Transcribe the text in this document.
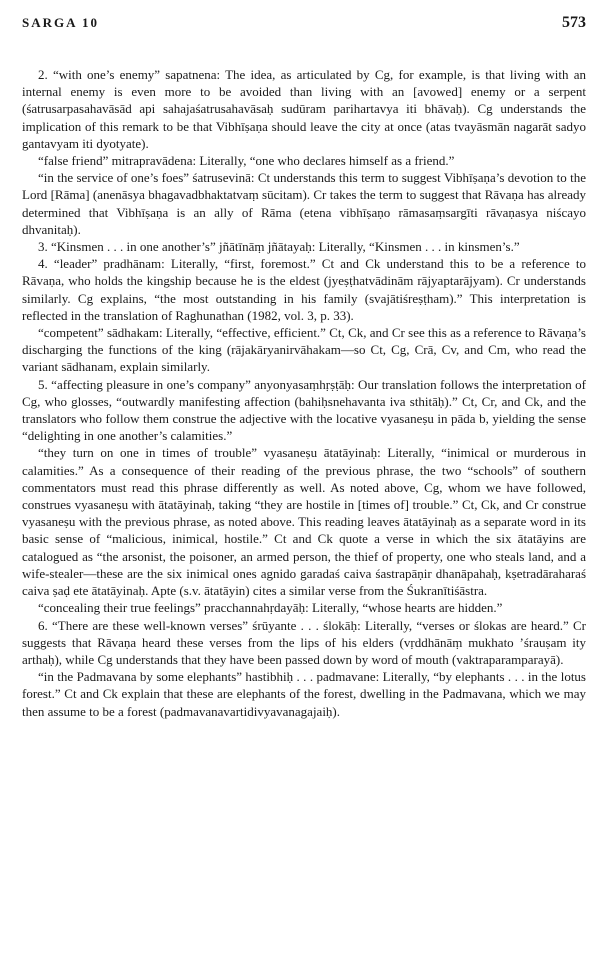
SARGA 10	573

2. “with one’s enemy” sapatnena: The idea, as articulated by Cg, for example, is that living with an internal enemy is even more to be avoided than living with an [avowed] enemy or a serpent (śatrusarpasahavāsād api sahajaśatrusahavāsaḥ sudūram parihartavya iti bhāvaḥ). Cg understands the implication of this remark to be that Vibhīṣaṇa should leave the city at once (atas tvayāsmān nagarāt sadyo gantavyam iti dyotyate).

“false friend” mitrapravādena: Literally, “one who declares himself as a friend.”

“in the service of one’s foes” śatrusevinā: Ct understands this term to suggest Vibhīṣaṇa’s devotion to the Lord [Rāma] (anenāsya bhagavadbhaktatvaṃ sūcitam). Cr takes the term to suggest that Rāvaṇa has already determined that Vibhīṣaṇa is an ally of Rāma (etena vibhīṣaṇo rāmasaṃsargīti rāvaṇasya niścayo dhvanitaḥ).

3. “Kinsmen . . . in one another’s” jñātīnāṃ jñātayaḥ: Literally, “Kinsmen . . . in kinsmen’s.”

4. “leader” pradhānam: Literally, “first, foremost.” Ct and Ck understand this to be a reference to Rāvaṇa, who holds the kingship because he is the eldest (jyeṣṭhatvādinām rājyaptarājyam). Cr understands similarly. Cg explains, “the most outstanding in his family (svajātiśreṣṭham).” This interpretation is reflected in the translation of Raghunathan (1982, vol. 3, p. 33).

“competent” sādhakam: Literally, “effective, efficient.” Ct, Ck, and Cr see this as a reference to Rāvaṇa’s discharging the functions of the king (rājakāryanirvāhakam—so Ct, Cg, Crā, Cv, and Cm, who read the variant sādhanam, explain similarly.

5. “affecting pleasure in one’s company” anyonyasaṃhṛṣṭāḥ: Our translation follows the interpretation of Cg, who glosses, “outwardly manifesting affection (bahiḥsnehavanta iva sthitāḥ).” Ct, Cr, and Ck, and the translators who follow them construe the adjective with the locative vyasaneṣu in pāda b, yielding the sense “delighting in one another’s calamities.”

“they turn on one in times of trouble” vyasaneṣu ātatāyinaḥ: Literally, “inimical or murderous in calamities.” As a consequence of their reading of the previous phrase, the two “schools” of southern commentators must read this phrase differently as well. As noted above, Cg, whom we have followed, construes vyasaneṣu with ātatāyinaḥ, taking “they are hostile in [times of] trouble.” Ct, Ck, and Cr construe vyasaneṣu with the previous phrase, as noted above. This reading leaves ātatāyinaḥ as a separate word in its basic sense of “malicious, inimical, hostile.” Ct and Ck quote a verse in which the six ātatāyins are catalogued as “the arsonist, the poisoner, an armed person, the thief of property, one who steals land, and a wife-stealer—these are the six inimical ones agnido garadaś caiva śastrapāṇir dhanāpahaḥ, kṣetradāraharaś caiva ṣaḍ ete ātatāyinaḥ. Apte (s.v. ātatāyin) cites a similar verse from the Śukranītiśāstra.

“concealing their true feelings” pracchannahṛdayāḥ: Literally, “whose hearts are hidden.”

6. “There are these well-known verses” śrūyante . . . ślokāḥ: Literally, “verses or ślokas are heard.” Cr suggests that Rāvaṇa heard these verses from the lips of his elders (vṛddhānāṃ mukhato ’śrauṣam ity arthaḥ), while Cg understands that they have been passed down by word of mouth (vaktraparamparayā).

“in the Padmavana by some elephants” hastibhiḥ . . . padmavane: Literally, “by elephants . . . in the lotus forest.” Ct and Ck explain that these are elephants of the forest, dwelling in the Padmavana, which we may then assume to be a forest (padmavanavartidivyavanagajaiḥ).
